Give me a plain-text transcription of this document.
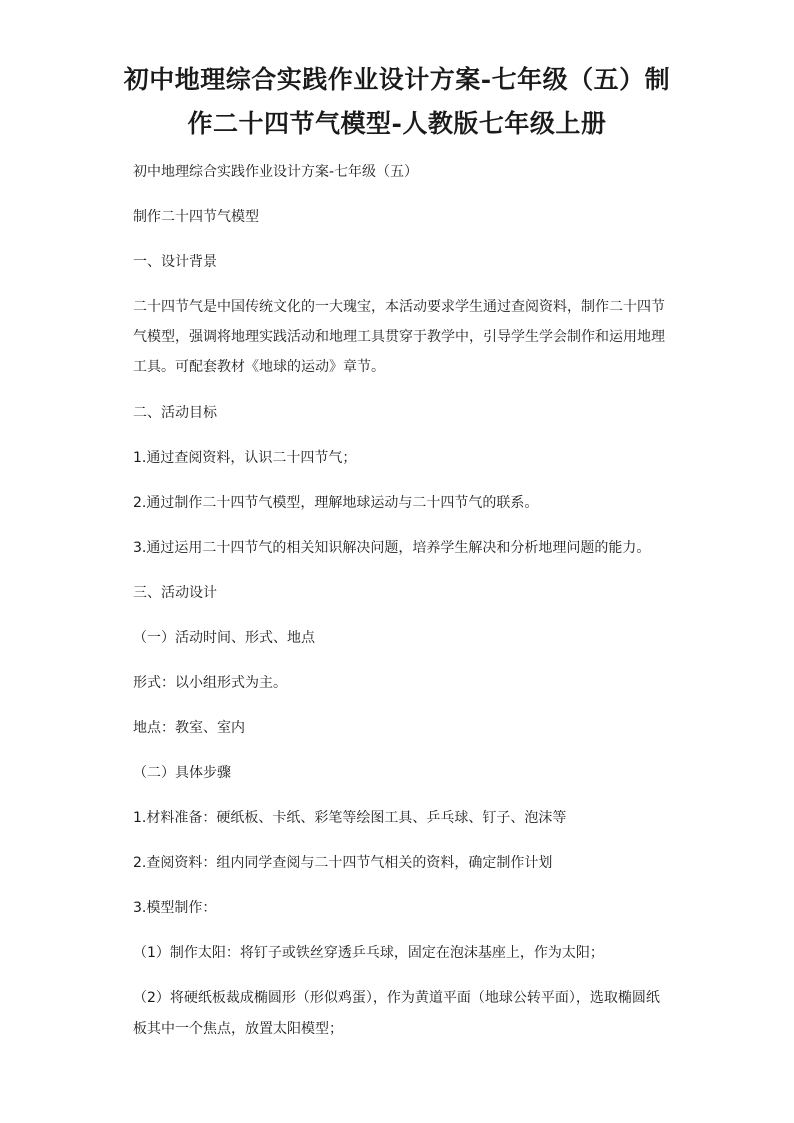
初中地理综合实践作业设计方案-七年级（五）制
作二十四节气模型-人教版七年级上册
初中地理综合实践作业设计方案-七年级（五）
制作二十四节气模型
一、设计背景
二十四节气是中国传统文化的一大瑰宝，本活动要求学生通过查阅资料，制作二十四节
气模型，强调将地理实践活动和地理工具贯穿于教学中，引导学生学会制作和运用地理
工具。可配套教材《地球的运动》章节。
二、活动目标
1.通过查阅资料，认识二十四节气；
2.通过制作二十四节气模型，理解地球运动与二十四节气的联系。
3.通过运用二十四节气的相关知识解决问题，培养学生解决和分析地理问题的能力。
三、活动设计
（一）活动时间、形式、地点
形式：以小组形式为主。
地点：教室、室内
（二）具体步骤
1.材料准备：硬纸板、卡纸、彩笔等绘图工具、乒乓球、钉子、泡沫等
2.查阅资料：组内同学查阅与二十四节气相关的资料，确定制作计划
3.模型制作：
（1）制作太阳：将钉子或铁丝穿透乒乓球，固定在泡沫基座上，作为太阳；
（2）将硬纸板裁成椭圆形（形似鸡蛋），作为黄道平面（地球公转平面），选取椭圆纸
板其中一个焦点，放置太阳模型；
